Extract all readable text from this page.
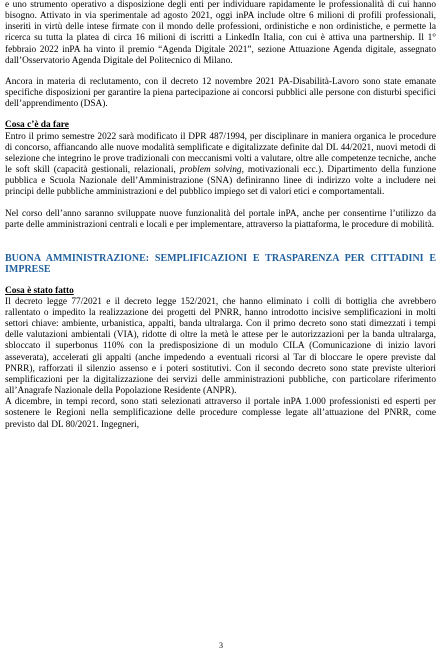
e uno strumento operativo a disposizione degli enti per individuare rapidamente le professionalità di cui hanno bisogno. Attivato in via sperimentale ad agosto 2021, oggi inPA include oltre 6 milioni di profili professionali, inseriti in virtù delle intese firmate con il mondo delle professioni, ordinistiche e non ordinistiche, e permette la ricerca su tutta la platea di circa 16 milioni di iscritti a LinkedIn Italia, con cui è attiva una partnership. Il 1° febbraio 2022 inPA ha vinto il premio “Agenda Digitale 2021”, sezione Attuazione Agenda digitale, assegnato dall’Osservatorio Agenda Digitale del Politecnico di Milano.

Ancora in materia di reclutamento, con il decreto 12 novembre 2021 PA-Disabilità-Lavoro sono state emanate specifiche disposizioni per garantire la piena partecipazione ai concorsi pubblici alle persone con disturbi specifici dell’apprendimento (DSA).

Cosa c’è da fare

Entro il primo semestre 2022 sarà modificato il DPR 487/1994, per disciplinare in maniera organica le procedure di concorso, affiancando alle nuove modalità semplificate e digitalizzate definite dal DL 44/2021, nuovi metodi di selezione che integrino le prove tradizionali con meccanismi volti a valutare, oltre alle competenze tecniche, anche le soft skill (capacità gestionali, relazionali, problem solving, motivazionali ecc.). Dipartimento della funzione pubblica e Scuola Nazionale dell’Amministrazione (SNA) definiranno linee di indirizzo volte a includere nei principi delle pubbliche amministrazioni e del pubblico impiego set di valori etici e comportamentali.

Nel corso dell’anno saranno sviluppate nuove funzionalità del portale inPA, anche per consentirne l’utilizzo da parte delle amministrazioni centrali e locali e per implementare, attraverso la piattaforma, le procedure di mobilità.

BUONA AMMINISTRAZIONE: SEMPLIFICAZIONI E TRASPARENZA PER CITTADINI E IMPRESE

Cosa è stato fatto

Il decreto legge 77/2021 e il decreto legge 152/2021, che hanno eliminato i colli di bottiglia che avrebbero rallentato o impedito la realizzazione dei progetti del PNRR, hanno introdotto incisive semplificazioni in molti settori chiave: ambiente, urbanistica, appalti, banda ultralarga. Con il primo decreto sono stati dimezzati i tempi delle valutazioni ambientali (VIA), ridotte di oltre la metà le attese per le autorizzazioni per la banda ultralarga, sbloccato il superbonus 110% con la predisposizione di un modulo CILA (Comunicazione di inizio lavori asseverata), accelerati gli appalti (anche impedendo a eventuali ricorsi al Tar di bloccare le opere previste dal PNRR), rafforzati il silenzio assenso e i poteri sostitutivi. Con il secondo decreto sono state previste ulteriori semplificazioni per la digitalizzazione dei servizi delle amministrazioni pubbliche, con particolare riferimento all’Anagrafe Nazionale della Popolazione Residente (ANPR).

A dicembre, in tempi record, sono stati selezionati attraverso il portale inPA 1.000 professionisti ed esperti per sostenere le Regioni nella semplificazione delle procedure complesse legate all’attuazione del PNRR, come previsto dal DL 80/2021. Ingegneri,

3
